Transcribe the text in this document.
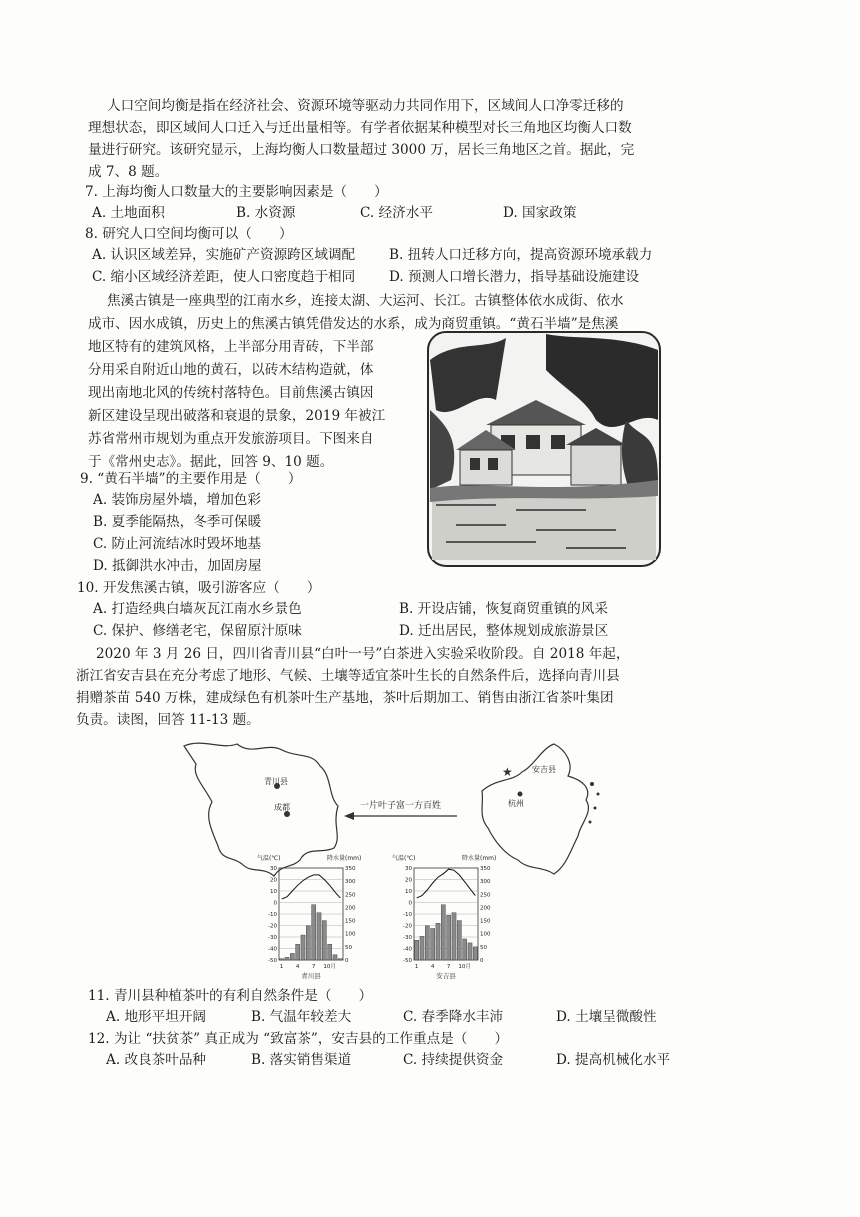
人口空间均衡是指在经济社会、资源环境等驱动力共同作用下，区域间人口净零迁移的
理想状态，即区域间人口迁入与迁出量相等。有学者依据某种模型对长三角地区均衡人口数
量进行研究。该研究显示，上海均衡人口数量超过 3000 万，居长三角地区之首。据此，完
成 7、8 题。
7. 上海均衡人口数量大的主要影响因素是（　　）
A. 土地面积	B. 水资源	C. 经济水平	D. 国家政策
8. 研究人口空间均衡可以（　　）
A. 认识区域差异，实施矿产资源跨区域调配 B. 扭转人口迁移方向，提高资源环境承载力
C. 缩小区域经济差距，使人口密度趋于相同 D. 预测人口增长潜力，指导基础设施建设
焦溪古镇是一座典型的江南水乡，连接太湖、大运河、长江。古镇整体依水成街、依水
成市、因水成镇，历史上的焦溪古镇凭借发达的水系，成为商贸重镇。“黄石半墙”是焦溪
地区特有的建筑风格，上半部分用青砖，下半部
分用采自附近山地的黄石，以砖木结构造就，体
现出南地北风的传统村落特色。目前焦溪古镇因
新区建设呈现出破落和衰退的景象，2019 年被江
苏省常州市规划为重点开发旅游项目。下图来自
于《常州史志》。据此，回答 9、10 题。
9. “黄石半墙”的主要作用是（　　）
A. 装饰房屋外墙，增加色彩
B. 夏季能隔热，冬季可保暖
C. 防止河流结冰时毁坏地基
D. 抵御洪水冲击，加固房屋
10. 开发焦溪古镇，吸引游客应（　　）
A. 打造经典白墙灰瓦江南水乡景色	B. 开设店铺，恢复商贸重镇的风采
C. 保护、修缮老宅，保留原汁原味	D. 迁出居民，整体规划成旅游景区
2020 年 3 月 26 日，四川省青川县“白叶一号”白茶进入实验采收阶段。自 2018 年起，
浙江省安吉县在充分考虑了地形、气候、土壤等适宜茶叶生长的自然条件后，选择向青川县
捐赠茶苗 540 万株，建成绿色有机茶叶生产基地，茶叶后期加工、销售由浙江省茶叶集团
负责。读图，回答 11-13 题。
★
青川县
成都
安吉县
杭州
一片叶子富一方百姓
气温(℃)	降水量(mm)
30
20
10
0
-10
-20
-30
-40
-50
350
300
250
200
150
100
50
0
1 4 7 10月
青川县
气温(℃)	降水量(mm)
30
20
10
0
-10
-20
-30
-40
-50
350
300
250
200
150
100
50
0
1 4 7 10月
安吉县
11. 青川县种植茶叶的有利自然条件是（　　）
A. 地形平坦开阔	B. 气温年较差大	C. 春季降水丰沛	D. 土壤呈微酸性
12. 为让 “扶贫茶” 真正成为 “致富茶”，安吉县的工作重点是（　　）
A. 改良茶叶品种	B. 落实销售渠道	C. 持续提供资金	D. 提高机械化水平
